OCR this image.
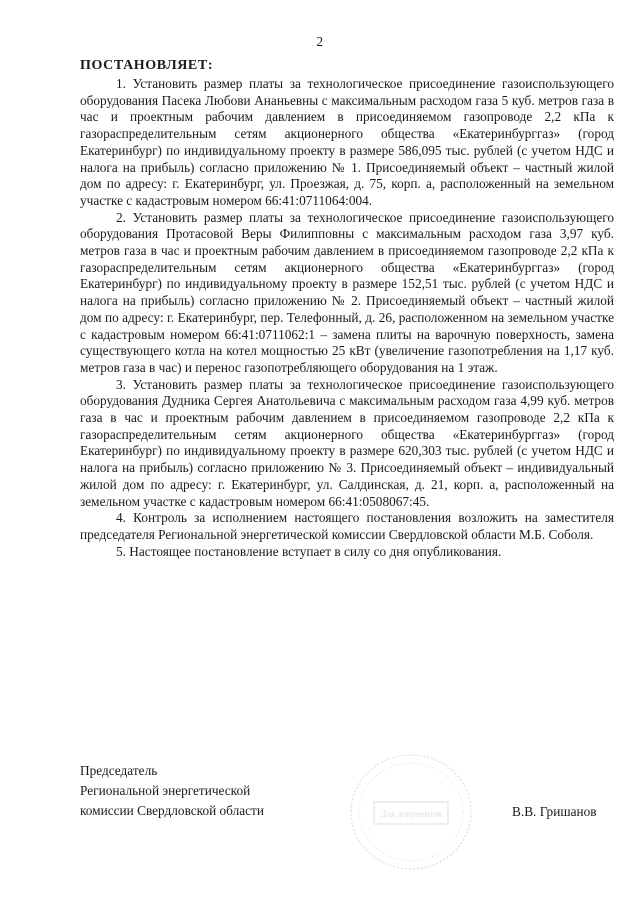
2
ПОСТАНОВЛЯЕТ:

1. Установить размер платы за технологическое присоединение газоиспользующего оборудования Пасека Любови Ананьевны с максимальным расходом газа 5 куб. метров газа в час и проектным рабочим давлением в присоединяемом газопроводе 2,2 кПа к газораспределительным сетям акционерного общества «Екатеринбурггаз» (город Екатеринбург) по индивидуальному проекту в размере 586,095 тыс. рублей (с учетом НДС и налога на прибыль) согласно приложению № 1. Присоединяемый объект – частный жилой дом по адресу: г. Екатеринбург, ул. Проезжая, д. 75, корп. а, расположенный на земельном участке с кадастровым номером 66:41:0711064:004.

2. Установить размер платы за технологическое присоединение газоиспользующего оборудования Протасовой Веры Филипповны с максимальным расходом газа 3,97 куб. метров газа в час и проектным рабочим давлением в присоединяемом газопроводе 2,2 кПа к газораспределительным сетям акционерного общества «Екатеринбурггаз» (город Екатеринбург) по индивидуальному проекту в размере 152,51 тыс. рублей (с учетом НДС и налога на прибыль) согласно приложению № 2. Присоединяемый объект – частный жилой дом по адресу: г. Екатеринбург, пер. Телефонный, д. 26, расположенном на земельном участке с кадастровым номером 66:41:0711062:1 – замена плиты на варочную поверхность, замена существующего котла на котел мощностью 25 кВт (увеличение газопотребления на 1,17 куб. метров газа в час) и перенос газопотребляющего оборудования на 1 этаж.

3. Установить размер платы за технологическое присоединение газоиспользующего оборудования Дудника Сергея Анатольевича с максимальным расходом газа 4,99 куб. метров газа в час и проектным рабочим давлением в присоединяемом газопроводе 2,2 кПа к газораспределительным сетям акционерного общества «Екатеринбурггаз» (город Екатеринбург) по индивидуальному проекту в размере 620,303 тыс. рублей (с учетом НДС и налога на прибыль) согласно приложению № 3. Присоединяемый объект – индивидуальный жилой дом по адресу: г. Екатеринбург, ул. Салдинская, д. 21, корп. а, расположенный на земельном участке с кадастровым номером 66:41:0508067:45.

4. Контроль за исполнением настоящего постановления возложить на заместителя председателя Региональной энергетической комиссии Свердловской области М.Б. Соболя.

5. Настоящее постановление вступает в силу со дня опубликования.

Для документов
Председатель
Региональной энергетической
комиссии Свердловской области	В.В. Гришанов
